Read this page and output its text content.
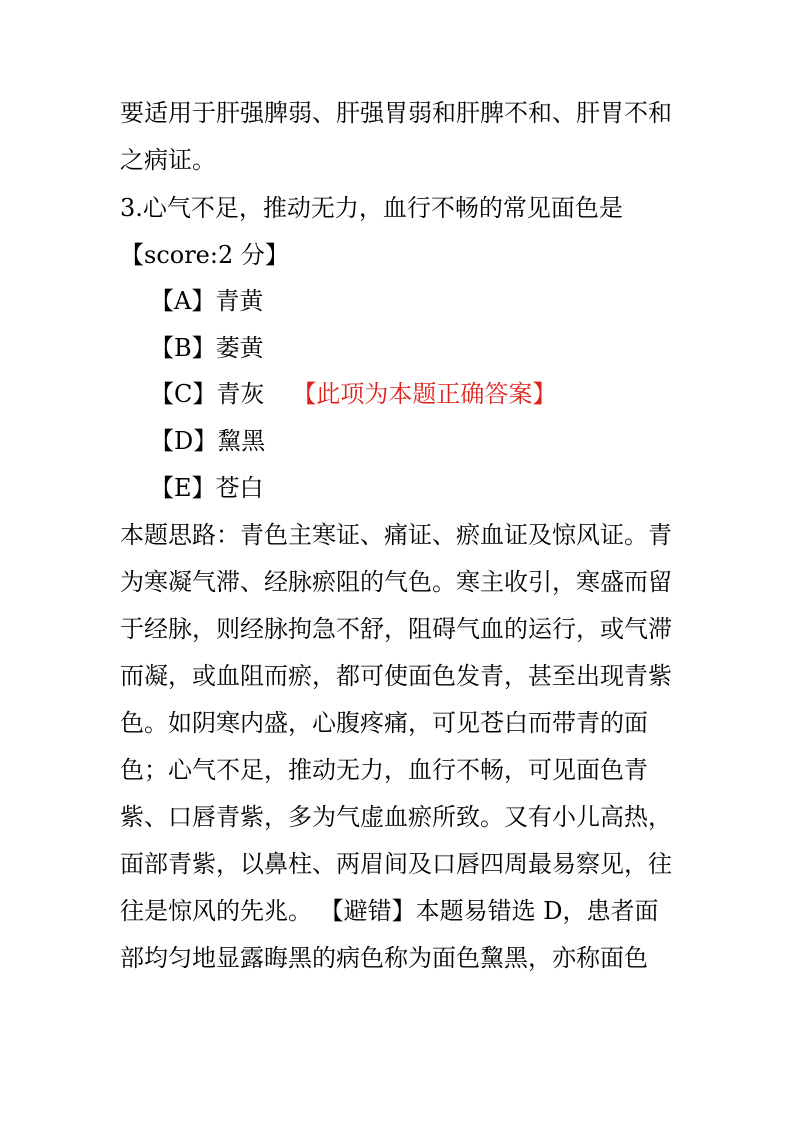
要适用于肝强脾弱、肝强胃弱和肝脾不和、肝胃不和
之病证。
3.心气不足，推动无力，血行不畅的常见面色是
【score:2 分】
【A】青黄
【B】萎黄
【C】青灰 【此项为本题正确答案】
【D】黧黑
【E】苍白
本题思路：青色主寒证、痛证、瘀血证及惊风证。青
为寒凝气滞、经脉瘀阻的气色。寒主收引，寒盛而留
于经脉，则经脉拘急不舒，阻碍气血的运行，或气滞
而凝，或血阻而瘀，都可使面色发青，甚至出现青紫
色。如阴寒内盛，心腹疼痛，可见苍白而带青的面
色；心气不足，推动无力，血行不畅，可见面色青
紫、口唇青紫，多为气虚血瘀所致。又有小儿高热，
面部青紫，以鼻柱、两眉间及口唇四周最易察见，往
往是惊风的先兆。 【避错】本题易错选 D，患者面
部均匀地显露晦黑的病色称为面色黧黑，亦称面色
